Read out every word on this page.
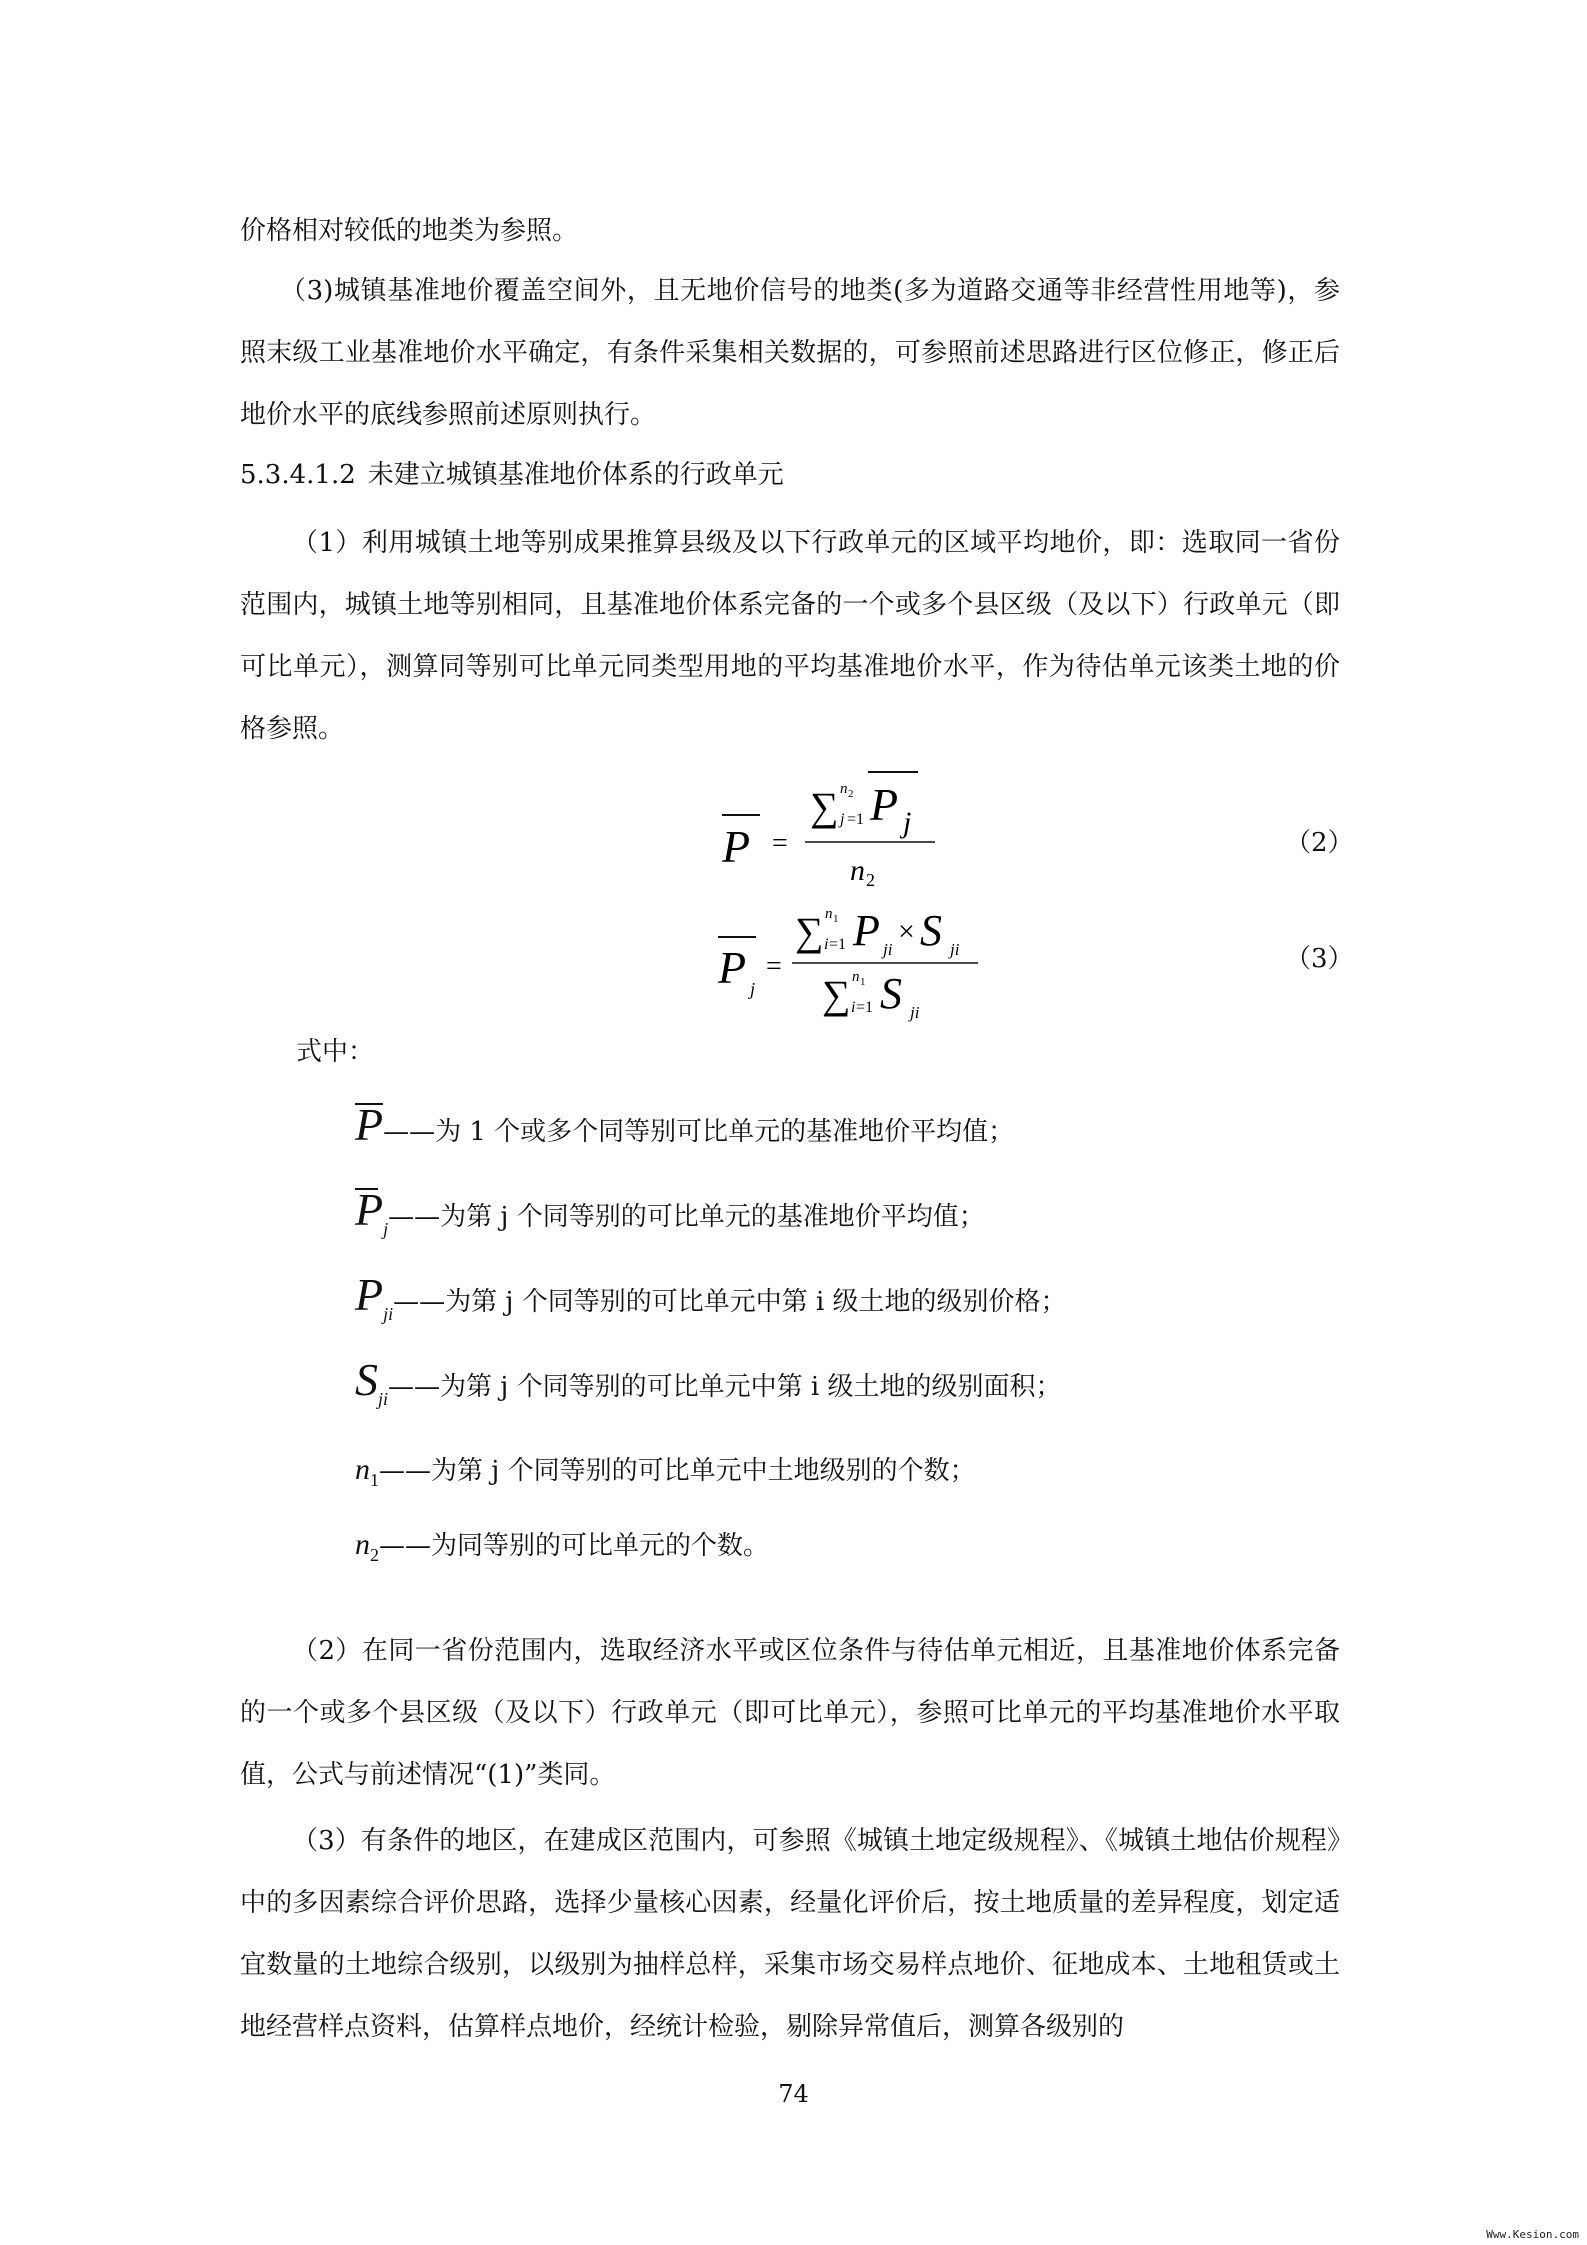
价格相对较低的地类为参照。

（3)城镇基准地价覆盖空间外，且无地价信号的地类(多为道路交通等非经营性用地等)，参照末级工业基准地价水平确定，有条件采集相关数据的，可参照前述思路进行区位修正，修正后地价水平的底线参照前述原则执行。

5.3.4.1.2 未建立城镇基准地价体系的行政单元

（1）利用城镇土地等别成果推算县级及以下行政单元的区域平均地价，即：选取同一省份范围内，城镇土地等别相同，且基准地价体系完备的一个或多个县区级（及以下）行政单元（即可比单元），测算同等别可比单元同类型用地的平均基准地价水平，作为待估单元该类土地的价格参照。

P =
∑ n 2
j =1 P j
n 2
（2）
P j
=
∑ n 1
i =1 P ji
× S ji
∑ n 1
i =1 S ji
（3）
式中：
P——为 1 个或多个同等别可比单元的基准地价平均值；
$P_j——$为第 j 个同等别的可比单元的基准地价平均值；
$P_{ji}——$为第 j 个同等别的可比单元中第 i 级土地的级别价格；
$S_{ji}——$为第 j 个同等别的可比单元中第 i 级土地的级别面积；
$n_1——$为第 j 个同等别的可比单元中土地级别的个数；
$n_2——$为同等别的可比单元的个数。

（2）在同一省份范围内，选取经济水平或区位条件与待估单元相近，且基准地价体系完备的一个或多个县区级（及以下）行政单元（即可比单元），参照可比单元的平均基准地价水平取值，公式与前述情况“(1)”类同。

（3）有条件的地区，在建成区范围内，可参照《城镇土地定级规程》、《城镇土地估价规程》中的多因素综合评价思路，选择少量核心因素，经量化评价后，按土地质量的差异程度，划定适宜数量的土地综合级别，以级别为抽样总样，采集市场交易样点地价、征地成本、土地租赁或土地经营样点资料，估算样点地价，经统计检验，剔除异常值后，测算各级别的

74
Www.Kesion.com
